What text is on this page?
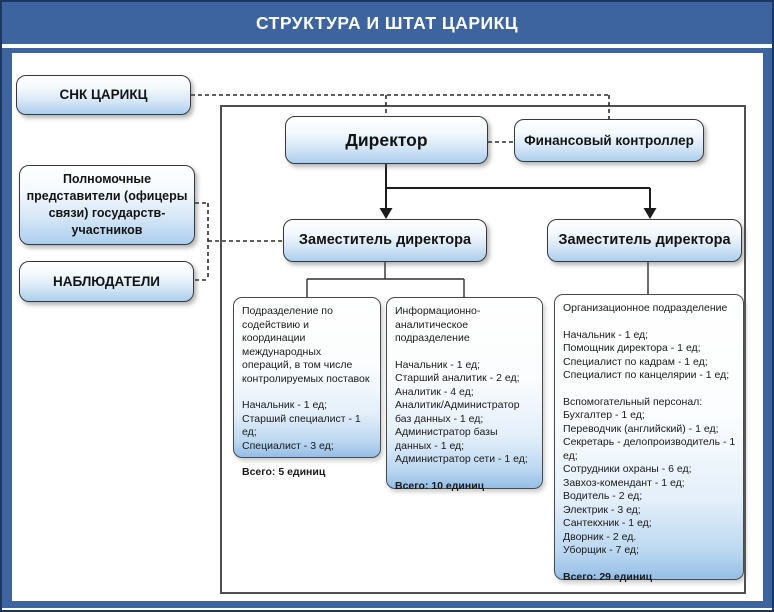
СТРУКТУРА И ШТАТ ЦАРИКЦ
СНК ЦАРИКЦ
Полномочные представители (офицеры связи) государств-участников
НАБЛЮДАТЕЛИ
Директор	Финансовый контроллер
Заместитель директора	Заместитель директора
Подразделение по содействию и координации международных операций, в том числе контролируемых поставок
Начальник - 1 ед;
Старший специалист - 1 ед;
Специалист - 3 ед;
Всего: 5 единиц
Информационно-аналитическое подразделение
Начальник - 1 ед;
Старший аналитик - 2 ед;
Аналитик - 4 ед;
Аналитик/Администратор баз данных - 1 ед;
Администратор базы данных - 1 ед;
Администратор сети - 1 ед;
Всего: 10 единиц
Организационное подразделение
Начальник - 1 ед;
Помощник директора - 1 ед;
Специалист по кадрам - 1 ед;
Специалист по канцелярии - 1 ед;
Вспомогательный персонал:
Бухгалтер - 1 ед;
Переводчик (английский) - 1 ед;
Секретарь - делопроизводитель - 1 ед;
Сотрудники охраны - 6 ед;
Завхоз-комендант - 1 ед;
Водитель - 2 ед;
Электрик - 3 ед;
Сантекхник - 1 ед;
Дворник - 2 ед.
Уборщик - 7 ед;
Всего: 29 единиц
